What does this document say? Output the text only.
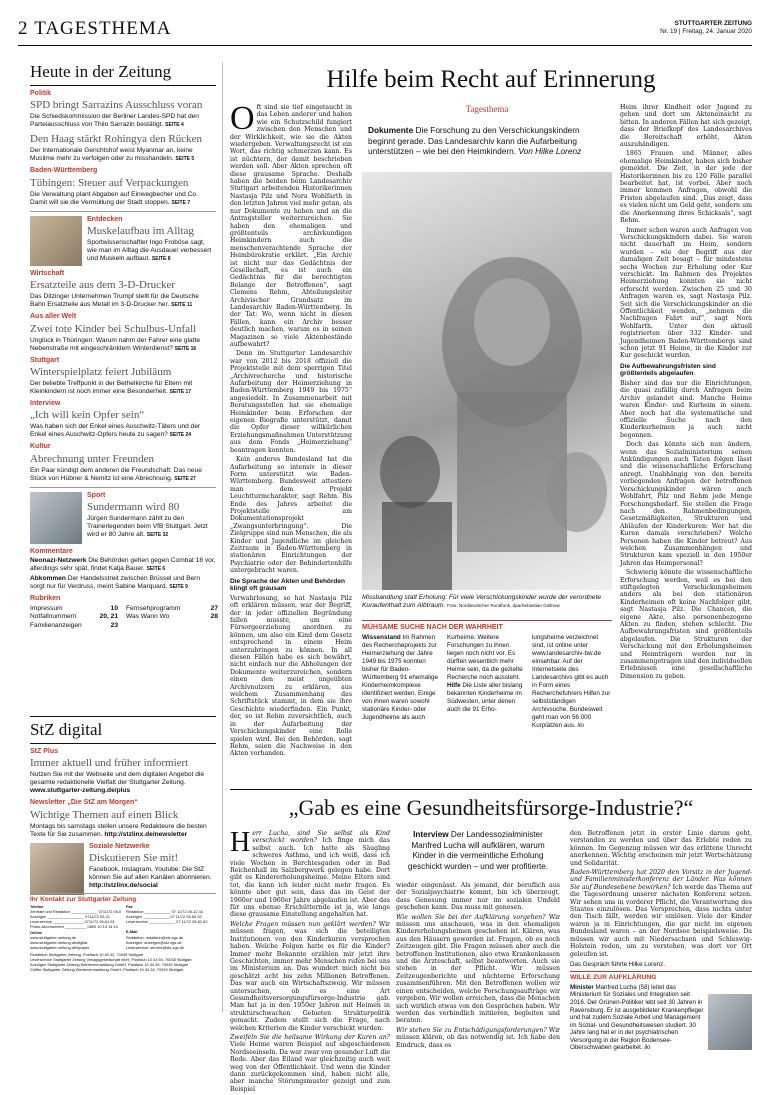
2 TAGESTHEMA	STUTTGARTER ZEITUNG
Nr. 19 | Freitag, 24. Januar 2020
Heute in der Zeitung
Politik
SPD bringt Sarrazins Ausschluss voran
Die Schiedskommission der Berliner Landes-SPD hat den Parteiausschluss von Thilo Sarrazin bestätigt. SEITE 4
Den Haag stärkt Rohingya den Rücken
Der Internationale Gerichtshof weist Myanmar an, keine Muslime mehr zu verfolgen oder zu misshandeln. SEITE 5
Baden-Württemberg
Tübingen: Steuer auf Verpackungen
Die Verwaltung plant Abgaben auf Einwegbecher und Co. Damit will sie die Vermüllung der Stadt stoppen. SEITE 7
Entdecken
Muskelaufbau im Alltag
Sportwissenschaftler Ingo Froböse sagt, wie man im Alltag die Ausdauer verbessert und Muskeln aufbaut. SEITE 8
Wirtschaft
Ersatzteile aus dem 3-D-Drucker
Das Ditzinger Unternehmen Trumpf stellt für die Deutsche Bahn Ersatzteile aus Metall im 3-D-Drucker her. SEITE 11
Aus aller Welt
Zwei tote Kinder bei Schulbus-Unfall
Unglück in Thüringen: Warum nahm der Fahrer eine glatte Nebenstraße mit eingeschränktem Winterdienst? SEITE 16
Stuttgart
Winterspielplatz feiert Jubiläum
Der beliebte Treffpunkt in der Bethelkirche für Eltern mit Kleinkindern ist noch immer eine Besonderheit. SEITE 17
Interview
„Ich will kein Opfer sein“
Was haben sich der Enkel eines Auschwitz-Täters und der Enkel eines Auschwitz-Opfers heute zu sagen? SEITE 24
Kultur
Abrechnung unter Freunden
Ein Paar kündigt dem anderen die Freundschaft: Das neue Stück von Hübner & Nemitz ist eine Abrechnung. SEITE 27
Sport
Sundermann wird 80
Jürgen Sundermann zählt zu den Trainerlegenden beim VfB Stuttgart. Jetzt wird er 80 Jahre alt. SEITE 32
Kommentare
Neonazi-Netzwerk Die Behörden gehen gegen Combat 18 vor, allerdings sehr spät, findet Katja Bauer. SEITE 6
Abkommen Der Handelsstreit zwischen Brüssel und Bern sorgt nur für Verdruss, meint Sabine Marquard. SEITE 9
Rubriken
Impressum	10	Fernsehprogramm	27
Notfallnummern	20, 21	Was Wann Wo	28
Familienanzeigen	23
StZ digital
StZ Plus
Immer aktuell und früher informiert
Nutzen Sie mit der Webseite und dem digitalen Angebot die gesamte redaktionelle Vielfalt der Stuttgarter Zeitung. www.stuttgarter-zeitung.de/plus
Newsletter „Die StZ am Morgen“
Wichtige Themen auf einen Blick
Montags bis samstags stellen unsere Redakteure die besten Texte für Sie zusammen. http://stzlinx.de/newsletter
Soziale Netzwerke
Diskutieren Sie mit!
Facebook, Instagram, Youtube: Die StZ können Sie auf allen Kanälen abonnieren. http://stzlinx.de/social
Ihr Kontakt zur Stuttgarter Zeitung
Telefon
Zentrale und Redaktion ____________ 0711/72 05-0
Anzeigen _________________ 0711/72 05-21
Leserservice ______________ 0711/72 05-61 61
Probe-Abonnement __________ 0800 10 14 14 14
Online
www.stuttgarter-zeitung.de
www.stuttgarter-zeitung.de/digital
www.stuttgarter-zeitung.de/epaper
Fax
Redaktion ____________ 07 11/72 05-12 34
Anzeigen ____________ 07 11/72 05-65 32
Leserservice ____________ 07 11/72 05-61 62
E-Mail
Redaktion: redaktion@stz.zgs.de
Anzeigen: anzeigen@stz.zgs.de
Leserservice: service@stz.zgs.de
Redaktion Stuttgarter Zeitung, Postfach 10 60 32, 70049 Stuttgart
Leserservice Stuttgarter Zeitung Verlagsgesellschaft mbH, Postfach 10 43 54, 70038 Stuttgart
Anzeigen Stuttgarter Zeitung Werbevermarktung GmbH, Postfach 10 44 26, 70039 Stuttgart
Chiffre Stuttgarter Zeitung Werbevermarktung GmbH, Postfach 10 44 26, 70039 Stuttgart
Hilfe beim Recht auf Erinnerung

Oft sind sie tief eingetaucht in das Leben anderer und haben wie ein Schutzschild fungiert zwischen den Menschen und der Wirklichkeit, wie sie die Akten wiedergeben. Verwaltungsrecht ist ein Wort, das richtig schmerzen kann. Es ist nüchtern, der damit beschrieben werden soll. Aber Akten sprechen oft diese grausame Sprache. Deshalb haben die beiden beim Landesarchiv Stuttgart arbeitenden Historikerinnen Nastasja Pilz und Nora Wohlfarth in den letzten Jahren viel mehr getan, als nur Dokumente zu heben und an die Antragsteller weiterzureichen. Sie haben den ehemaligen und größtenteils archivkundigen Heimkindern auch die menschenverachtende Sprache der Heimbürokratie erklärt. „Ein Archiv ist nicht nur das Gedächtnis der Gesellschaft, es ist auch ein Gedächtnis für die berechtigten Belange der Betroffenen“, sagt Clemens Rehm, Abteilungsleiter Archivischer Grundsatz im Landesarchiv Baden-Württemberg. In der Tat: Wo, wenn nicht in diesen Fällen, kann ein Archiv besser deutlich machen, warum es in seinen Magazinen so viele Aktenbestände aufbewahrt?

Denn im Stuttgarter Landesarchiv war von 2012 bis 2018 offiziell die Projektstelle mit dem sperrigen Titel „Archivrecherche und historische Aufarbeitung der Heimerziehung in Baden-Württemberg 1949 bis 1975“ angesiedelt. In Zusammenarbeit mit Beratungsstellen hat sie ehemalige Heimkinder beim Erforschen der eigenen Biografie unterstützt, damit die Opfer dieser willkürlichen Erziehungsmaßnahmen Unterstützung aus dem Fonds „Heimerziehung“ beantragen konnten.

Kein anderes Bundesland hat die Aufarbeitung so intensiv in dieser Form unterstützt wie Baden-Württemberg. Bundesweit attestiere man dem Projekt Leuchtturmcharakter, sagt Rehm. Bis Ende des Jahres arbeitet die Projektstelle am Dokumentationsprojekt „Zwangsunterbringung“. Die Zielgruppe sind nun Menschen, die als Kinder und Jugendliche im gleichen Zeitraum in Baden-Württemberg in stationären Einrichtungen der Psychiatrie oder der Behindertenhilfe untergebracht waren.

Die Sprache der Akten und Behörden klingt oft grausam

Verwahrlosung, so hat Nastasja Pilz oft erklären müssen, war der Begriff, der in jeder offiziellen Begründung fallen musste, um eine Fürsorgeerziehung anordnen zu können, um also ein Kind dem Gesetz entsprechend in einem Heim unterzubringen zu können. In all diesen Fällen habe es sich bewährt, nicht einfach nur die Abholungen der Dokumente weiterzureichen, sondern einen den meist ungeübten Archivnutzern zu erklären, aus welchem Zusammenhang das Schriftstück stammt, in dem sie ihre Geschichte wiederfinden. Ein Punkt, der, so ist Rehm zuversichtlich, auch in der Aufarbeitung der Verschickungskinder eine Rolle spielen wird. Bei den Behörden, sagt Rehm, seien die Nachweise in den Akten vorhanden.

Tagesthema
Dokumente Die Forschung zu den Verschickungskindern beginnt gerade. Das Landesarchiv kann die Aufarbeitung unterstützen – wie bei den Heimkindern. Von Hilke Lorenz
Missbandlung statt Erholung: Für viele Verschickungskinder wurde der verordnete Kuraufenthalt zum Albtraum. Foto: Norddeutscher Rundfunk, dpa/Sebastian Gollnow
MÜHSAME SUCHE NACH DER WAHRHEIT
Wissenstand Im Rahmen des Rechercheprojekts zur Heimerziehung der Jahre 1949 bis 1975 konnten bisher für Baden-Württemberg 91 ehemalige Kinderheimkomplexe identifiziert werden. Einige von ihnen waren sowohl stationäre Kinder- oder Jugendheime als auch
Kurheime. Weitere Forschungen zu ihnen liegen noch nicht vor. Es dürften wesentlich mehr Heime sein, da die gezielte Recherche noch aussteht.
Hilfe Die Liste aller bislang bekannten Kinderheime im Südwesten, unter denen auch die 91 Erho-
lungsheime verzeichnet sind, ist online unter www.landesarchiv-bw.de einsehbar. Auf der Internetseite des Landesarchivs gibt es auch in Form eines Recherchefuhrers Hilfen zur selbstständigen Archivsuche. Bundesweit geht man von 56 000 Kurplätzen aus. ilo

Heim ihrer Kindheit oder Jugend zu gehen und dort um Akteneinsicht zu bitten. In anderen Fällen hat sich gezeigt, dass der Briefkopf des Landesarchives die Bereitschaft erhöht, Akten auszuhändigen.

1865 Frauen und Männer, alles ehemalige Heimkinder, haben sich bisher gemeldet. Die Zeit, in der jede der Historikerinnen bis zu 120 Fälle parallel bearbeitet hat, ist vorbei. Aber noch immer kommen Anfragen, obwohl die Fristen abgelaufen sind. „Das zeigt, dass es vielen nicht um Geld geht, sondern um die Anerkennung ihres Schicksals“, sagt Rehm.

Immer schon waren auch Anfragen von Verschickungskindern dabei. Sie waren nicht dauerhaft im Heim, sondern wurden – wie der Begriff aus der damaligen Zeit besagt – für mindestens sechs Wochen zur Erholung oder Kur verschickt. Im Rahmen des Projektes Heimerziehung konnten sie nicht erforscht werden. Zwischen 25 und 30 Anfragen waren es, sagt Nastasja Pilz. Seit sich die Verschickungskinder an die Öffentlichkeit wenden, „nehmen die Nachfragen Fahrt auf“, sagt Nora Wohlfarth. Unter den aktuell registrierten über 332 Kinder- und Jugendheimen Baden-Württembergs sind schon jetzt 91 Heime, in die Kinder zur Kur geschickt wurden.

Die Aufbewahrungsfristen sind größtenteils abgelaufen

Bisher sind das nur die Einrichtungen, die quasi zufällig durch Anfragen beim Archiv gelandet sind. Manche Heime waren Kinder- und Kurheim in einem. Aber noch hat die systematische und offizielle Suche nach den Kinderkurheimen ja auch nicht begonnen.

Doch das könnte sich nun ändern, wenn das Sozialministerium seinen Ankündigungen auch Taten folgen lässt und die wissenschaftliche Erforschung anregt. Unabhängig von den bereits vorliegenden Anfragen der betroffenen Verschickungskinder wären auch Wohlfahrt, Pilz und Rehm jede Menge Forschungsbedarf. Sie stellen die Frage nach den Rahmenbedingungen, Gesetzmäßigkeiten, Strukturen und Abläufen der Kinderkuren: Wer hat die Kuren damals verschrieben? Welche Personen haben die Kinder betreut? Aus welchen Zusammenhängen und Strukturen kam speziell in den 1950er Jahren das Heimpersonal?

Schwierig könnte die wissenschaftliche Erforschung werden, weil es bei den stiftgelegten Verschickungsheimen anders als bei den stationären Kinderheimen oft keine Nachfolger gibt, sagt Nastasja Pilz. Die Chancen, die eigene Akte, also personenbezogene Akten zu finden, stehen schlecht. Die Aufbewahrungsfristen sind größtenteils abgelaufen. Die Strukturen der Verschickung mit den Erholungsheimen und Heimträgern werden nur in zusammengetragen und den individuellen Erlebnissen eine gesellschaftliche Dimension zu geben.

„Gab es eine Gesundheitsfürsorge-Industrie?“

Herr Lucha, sind Sie selbst als Kind verschickt worden? Ich finge mich das selbst auch. Ich hatte als Säugling schweres Asthma, und ich weiß, dass ich viele Wochen in Berchtesgaden oder in Bad Reichenhall im Salzbergwerk gelegen habe. Dort gibt es Kindererholungsheime. Meine Eltern sind tot, die kann ich leider nicht mehr fragen. Es könnte aber gut sein, dass das im Geist der 1960er und 1960er Jahre abgelaufen ist. Aber das für uns ebenso Erschütternde ist ja, wie lange diese grausame Einstellung angehalten hat.

Welche Fragen müssen nun geklärt werden? Wir müssen fragen, was sich die beteiligten Institutionen von den Kinderkuren versprochen haben. Welche Folgen hatte es für die Kinder? Immer mehr Bekannte erzählen mir jetzt ihre Geschichten, immer mehr Menschen rufen bei uns im Ministerium an. Das wundert mich nicht bei geschätzt acht bis zehn Millionen Betroffenen. Das war auch ein Wirtschaftszweig. Wir müssen untersuchen, ob es eine Art Gesundheitsversorgungsfürsorge-Industrie gab. Man hat ja in den 1950er Jahren mit Heimen in strukturschwachen Gebieten Strukturpolitik gemacht. Zudem stellt sich die Frage, nach welchen Kriterien die Kinder verschickt wurden.

Zweifeln Sie die heilsame Wirkung der Kuren an? Viele Heime waren Beispiel auf abgeschiedenen Nordseeinseln. Da war zwar von gesunder Luft die Rede. Aber das Eiland war gleichzeitig auch weit weg von der Öffentlichkeit. Und wenn die Kinder dann zurückgekommen sind, haben nicht alle, aber manche Störungsmuster gezeigt und zum Beispiel

Interview Der Landessozialminister Manfred Lucha will aufklären, warum Kinder in die vermeintliche Erholung geschickt wurden – und wer profitierte.

wieder eingenässt. Als jemand, der beruflich aus der Sozialpsychiatrie kommt, bin ich überzeugt, dass Genesung immer nur im sozialen Umfeld geschehen kann. Das muss mit genesen.

Wie wollen Sie bei der Aufklärung vorgehen? Wir müssen uns anschauen, was in den ehemaligen Kindererholungsheimen geschehen ist. Klären, was aus den Häusern geworden ist. Fragen, ob es noch Zeitzeugen gibt. Die Fragen müssen aber auch die betroffenen Institutionen, also etwa Krankenkassen und die Ärzteschaft, selbst beantworten. Auch sie stehen in der Pflicht. Wir müssen Zeitzeugenberichte und nüchterne Erforschung zusammenführen. Mit den Betroffenen wollen wir einen entscheiden, welche Forschungsaufträge wir vergeben. Wir wollen erreichen, dass die Menschen sich wirklich etwas von den Gesprächen haben. Wir werden das verbindlich initiieren, begleiten und beraten.

Wir stehen Sie zu Entschädigungsforderungen? Wir müssen klären, ob das notwendig ist. Ich habe den Eindruck, dass es

den Betroffenen jetzt in erster Linie darum geht, verstanden zu werden und über das Erlebte reden zu können. Im Gegenzug müssen wir das erlittene Unrecht anerkennen. Wichtig erscheinen mir jetzt Wertschätzung und Solidarität.

Baden-Württemberg hat 2020 den Vorsitz in der Jugend- und Familienministerkonferenz der Länder. Was können Sie auf Bundesebene bewirken? Ich werde das Thema auf die Tagesordnung unserer nächsten Konferenz setzen. Wir sehen uns in vorderer Pflicht, die Verantwortung des Staates einzulösen. Das Versprechen, dass nichts unter den Tisch fällt, werden wir einlösen. Viele der Kinder waren ja in Einrichtungen, die gar nicht im eigenen Bundesland waren – an der Nordsee beispielsweise. Da müssen wir auch mit Niedersachsen und Schleswig-Holstein reden, um zu verstehen, was dort vor Ort geleufen ist.

Das Gespräch führte Hilke Lorenz.

WILLE ZUR AUFKLÄRUNG
Minister Manfred Lucha (58) leitet das Ministerium für Soziales und Integration seit 2016. Der Grünen-Politiker lebt seit 30 Jahren in Ravensburg. Er ist ausgebildeter Krankenpfleger und hat zudem Soziale Arbeit und Management im Sozial- und Gesundheitswesen studiert. 30 Jahre lang hat er in der psychiatrischen Versorgung in der Region Bodensee-Oberschwaben gearbeitet. ilo
